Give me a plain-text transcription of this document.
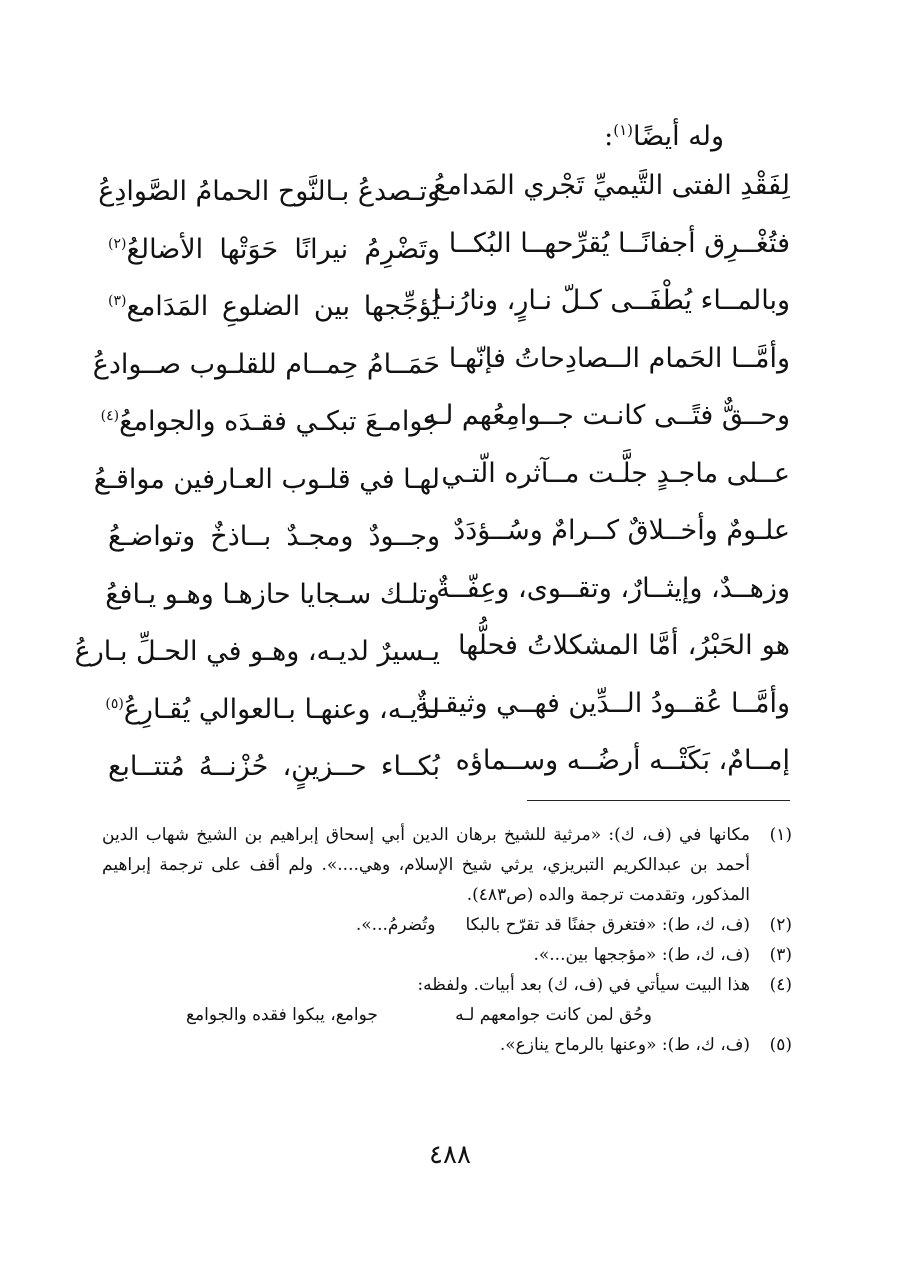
وله أيضًا$^{(١)}$:
لِفَقْدِ الفتى التَّيميِّ تَجْري المَدامعُ
وتـصدعُ بـالنَّوح الحمامُ الصَّوادِعُ
فتُغْــرِق أجفانًــا يُقرِّحهــا البُكــا
وتَضْرِمُ نيرانًا حَوَتْها الأضالعُ$^{(٢)}$
وبالمــاء يُطْفَــى كـلّ نـارٍ، ونارُنـا
يُؤجِّجها بين الضلوعِ المَدَامع$^{(٣)}$
وأمَّــا الحَمام الــصادِحاتُ فإنّهـا
حَمَــامُ حِمــام للقلـوب صــوادعُ
وحــقٌّ فتًــى كانـت جــوامِعُهم لـه
جوامـعَ تبكـي فقـدَه والجوامعُ$^{(٤)}$
عــلى ماجـدٍ جلَّـت مــآثره الّتـي
لهـا في قلـوب العـارفين مواقـعُ
علـومٌ وأخــلاقٌ كــرامٌ وسُــؤدَدٌ
وجــودٌ ومجـدٌ بــاذخٌ وتواضـعُ
وزهــدٌ، وإيثــارٌ، وتقــوى، وعِفّــةٌ
وتلـك سـجايا حازهـا وهـو يـافعُ
هو الحَبْرُ، أمَّا المشكلاتُ فحلُّها
يـسيرٌ لديـه، وهـو في الحـلِّ بـارعُ
وأمَّــا عُقــودُ الــدِّين فهــي وثيقــةٌ
لديـه، وعنهـا بـالعوالي يُقـارِعُ$^{(٥)}$
إمــامٌ، بَكَتْــه أرضُــه وســماؤه
بُكــاء حــزينٍ، حُزْنــهُ مُتتــابع
(١)
مكانها في (ف، ك): «مرثية للشيخ برهان الدين أبي إسحاق إبراهيم بن الشيخ شهاب الدين أحمد بن عبدالكريم التبريزي، يرثي شيخ الإسلام، وهي....». ولم أقف على ترجمة إبراهيم المذكور، وتقدمت ترجمة والده (ص٤٨٣).
(٢)
(ف، ك، ط): «فتغرق جفنًا قد تقرّح بالبكاوتُضرمُ...».
(٣)
(ف، ك، ط): «مؤججها بين...».
(٤)
هذا البيت سيأتي في (ف، ك) بعد أبيات. ولفظه:
وحُق لمن كانت جوامعهم لـه
جوامع، يبكوا فقده والجوامع
(٥)
(ف، ك، ط): «وعنها بالرماح ينازع».
٤٨٨
